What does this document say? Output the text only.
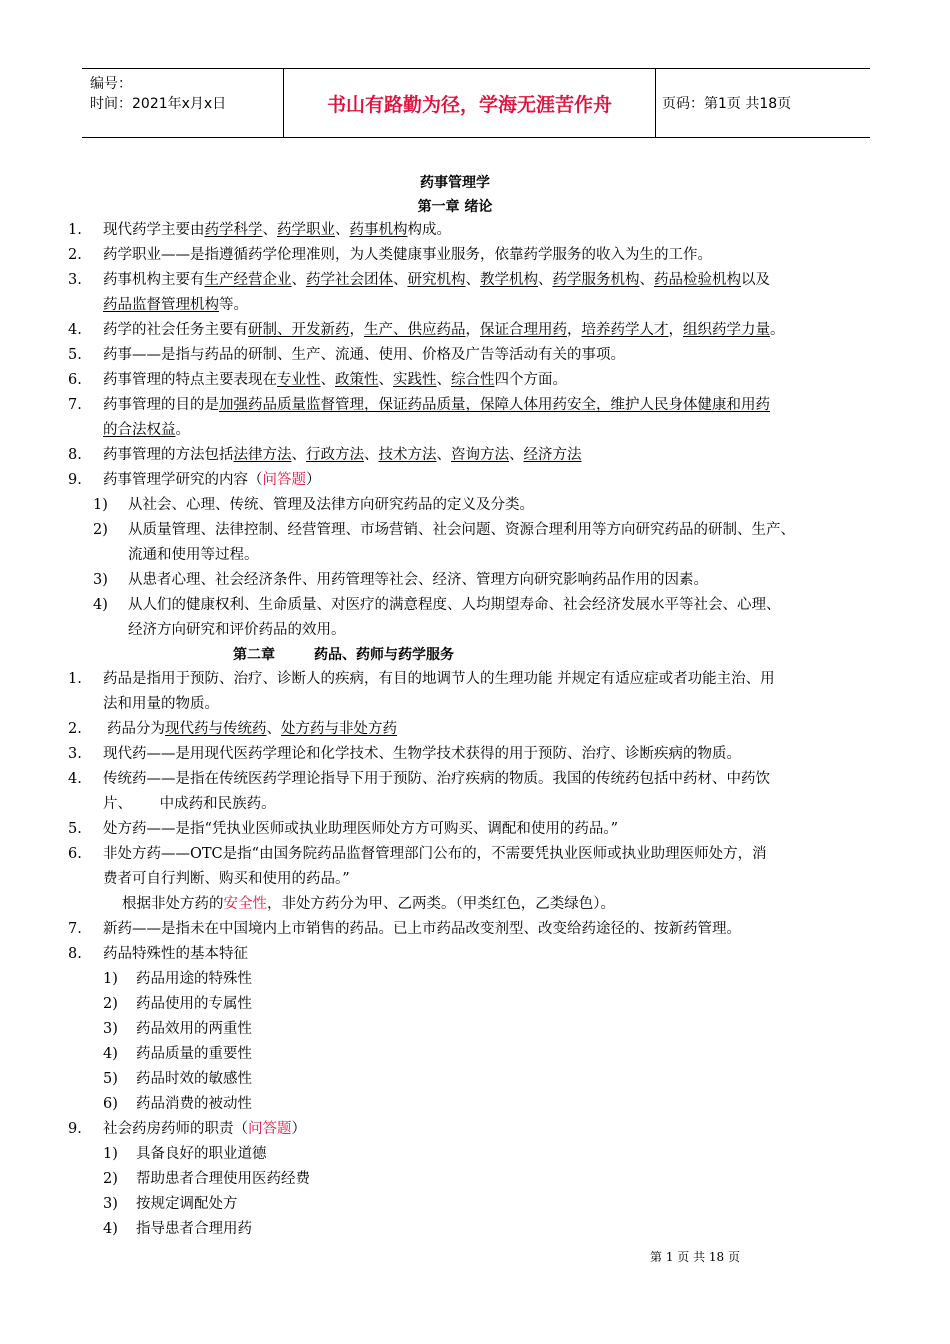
编号：
时间：2021年x月x日	书山有路勤为径，学海无涯苦作舟	页码：第1页 共18页
药事管理学
第一章 绪论
1. 现代药学主要由药学科学、药学职业、药事机构构成。
2. 药学职业——是指遵循药学伦理准则，为人类健康事业服务，依靠药学服务的收入为生的工作。
3. 药事机构主要有生产经营企业、药学社会团体、研究机构、教学机构、药学服务机构、药品检验机构以及
药品监督管理机构等。
4. 药学的社会任务主要有研制、开发新药，生产、供应药品，保证合理用药，培养药学人才，组织药学力量。
5. 药事——是指与药品的研制、生产、流通、使用、价格及广告等活动有关的事项。
6. 药事管理的特点主要表现在专业性、政策性、实践性、综合性四个方面。
7. 药事管理的目的是加强药品质量监督管理，保证药品质量，保障人体用药安全，维护人民身体健康和用药
的合法权益。
8. 药事管理的方法包括法律方法、行政方法、技术方法、咨询方法、经济方法
9. 药事管理学研究的内容（问答题）
1) 从社会、心理、传统、管理及法律方向研究药品的定义及分类。
2) 从质量管理、法律控制、经营管理、市场营销、社会问题、资源合理利用等方向研究药品的研制、生产、
流通和使用等过程。
3) 从患者心理、社会经济条件、用药管理等社会、经济、管理方向研究影响药品作用的因素。
4) 从人们的健康权利、生命质量、对医疗的满意程度、人均期望寿命、社会经济发展水平等社会、心理、
经济方向研究和评价药品的效用。
第二章        药品、药师与药学服务
1. 药品是指用于预防、治疗、诊断人的疾病，有目的地调节人的生理功能 并规定有适应症或者功能主治、用
法和用量的物质。
2. 药品分为现代药与传统药、处方药与非处方药
3. 现代药——是用现代医药学理论和化学技术、生物学技术获得的用于预防、治疗、诊断疾病的物质。
4. 传统药——是指在传统医药学理论指导下用于预防、治疗疾病的物质。我国的传统药包括中药材、中药饮
片、      中成药和民族药。
5. 处方药——是指“凭执业医师或执业助理医师处方方可购买、调配和使用的药品。”
6. 非处方药——OTC是指“由国务院药品监督管理部门公布的，不需要凭执业医师或执业助理医师处方，消
费者可自行判断、购买和使用的药品。”
根据非处方药的安全性，非处方药分为甲、乙两类。（甲类红色，乙类绿色）。
7. 新药——是指未在中国境内上市销售的药品。已上市药品改变剂型、改变给药途径的、按新药管理。
8. 药品特殊性的基本特征
1) 药品用途的特殊性
2) 药品使用的专属性
3) 药品效用的两重性
4) 药品质量的重要性
5) 药品时效的敏感性
6) 药品消费的被动性
9. 社会药房药师的职责（问答题）
1) 具备良好的职业道德
2) 帮助患者合理使用医药经费
3) 按规定调配处方
4) 指导患者合理用药
第 1 页 共 18 页
